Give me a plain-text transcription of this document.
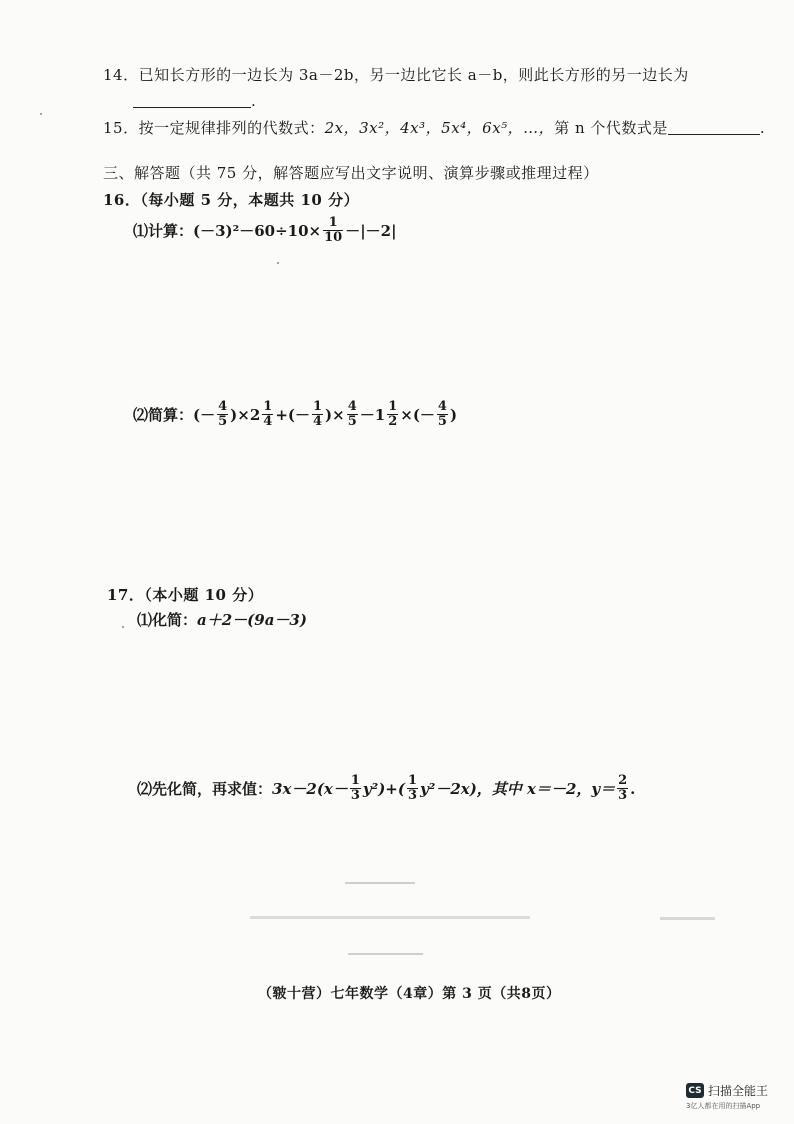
14．已知长方形的一边长为 3a－2b，另一边比它长 a－b，则此长方形的另一边长为
.
15．按一定规律排列的代数式：2x，3x²，4x³，5x⁴，6x⁵，…，第 n 个代数式是	.
三、解答题（共 75 分，解答题应写出文字说明、演算步骤或推理过程）
16．（每小题 5 分，本题共 10 分）
⑴计算： $(-3)^2-60\div 10\times \frac{1}{10} -|-2|$
⑵简算： (－ $\frac{4}{5} )\times 2 \frac{1}{4}$ +(－ $\frac{1}{4}$ )× $\frac{4}{5} -1 \frac{1}{2}$ ×(－ $\frac{4}{5}$ )
17．（本小题 10 分）
⑴化简： a＋2－(9a－3)
⑵先化简，再求值： $3x-2(x- \frac{1}{3} y^2)+( \frac{1}{3} y^2-2x)$，其中 x＝－2，$y= \frac{2}{3}$ .
（皲十营）七年数学（4章）第 3 页（共8页）
CS 扫描全能王
3亿人都在用的扫描App
